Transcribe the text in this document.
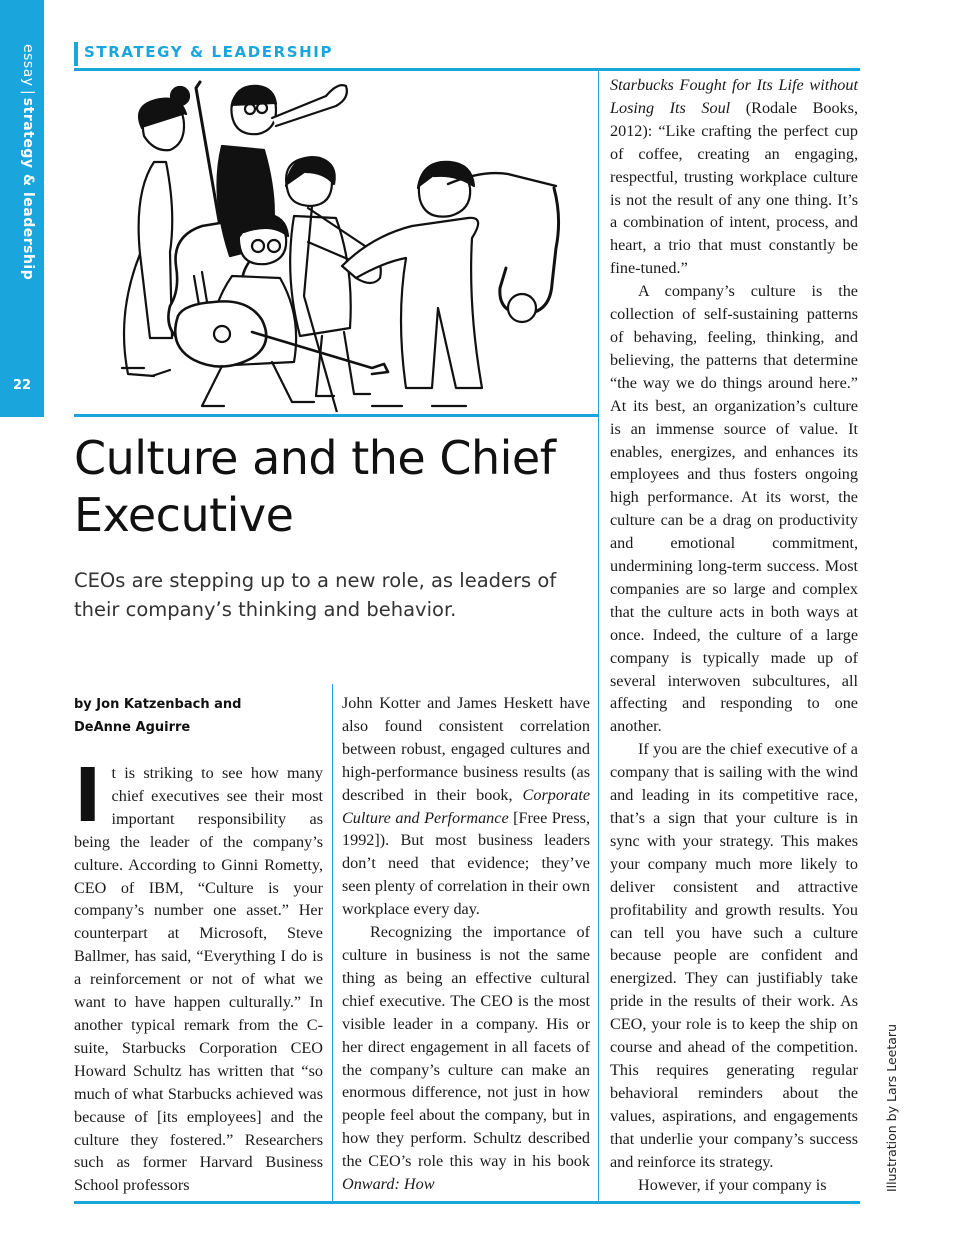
essay|strategy & leadership
22
STRATEGY & LEADERSHIP
Culture and the Chief Executive

CEOs are stepping up to a new role, as leaders of their company’s thinking and behavior.

by Jon Katzenbach and
DeAnne Aguirre

It is striking to see how many chief executives see their most important responsibility as being the leader of the company’s culture. According to Ginni Rometty, CEO of IBM, “Culture is your company’s number one asset.” Her counterpart at Microsoft, Steve Ballmer, has said, “Everything I do is a reinforcement or not of what we want to have happen culturally.” In another typical remark from the C-suite, Starbucks Corporation CEO Howard Schultz has written that “so much of what Starbucks achieved was because of [its employees] and the culture they fostered.” Researchers such as former Harvard Business School professors

John Kotter and James Heskett have also found consistent correlation between robust, engaged cultures and high-performance business results (as described in their book, Corporate Culture and Performance [Free Press, 1992]). But most business leaders don’t need that evidence; they’ve seen plenty of correlation in their own workplace every day.

Recognizing the importance of culture in business is not the same thing as being an effective cultural chief executive. The CEO is the most visible leader in a company. His or her direct engagement in all facets of the company’s culture can make an enormous difference, not just in how people feel about the company, but in how they perform. Schultz described the CEO’s role this way in his book Onward: How

Starbucks Fought for Its Life without Losing Its Soul (Rodale Books, 2012): “Like crafting the perfect cup of coffee, creating an engaging, respectful, trusting workplace culture is not the result of any one thing. It’s a combination of intent, process, and heart, a trio that must constantly be fine-tuned.”

A company’s culture is the collection of self-sustaining patterns of behaving, feeling, thinking, and believing, the patterns that determine “the way we do things around here.” At its best, an organization’s culture is an immense source of value. It enables, energizes, and enhances its employees and thus fosters ongoing high performance. At its worst, the culture can be a drag on productivity and emotional commitment, undermining long-term success. Most companies are so large and complex that the culture acts in both ways at once. Indeed, the culture of a large company is typically made up of several interwoven subcultures, all affecting and responding to one another.

If you are the chief executive of a company that is sailing with the wind and leading in its competitive race, that’s a sign that your culture is in sync with your strategy. This makes your company much more likely to deliver consistent and attractive profitability and growth results. You can tell you have such a culture because people are confident and energized. They can justifiably take pride in the results of their work. As CEO, your role is to keep the ship on course and ahead of the competition. This requires generating regular behavioral reminders about the values, aspirations, and engagements that underlie your company’s success and reinforce its strategy.

However, if your company is	Illustration by Lars Leetaru
